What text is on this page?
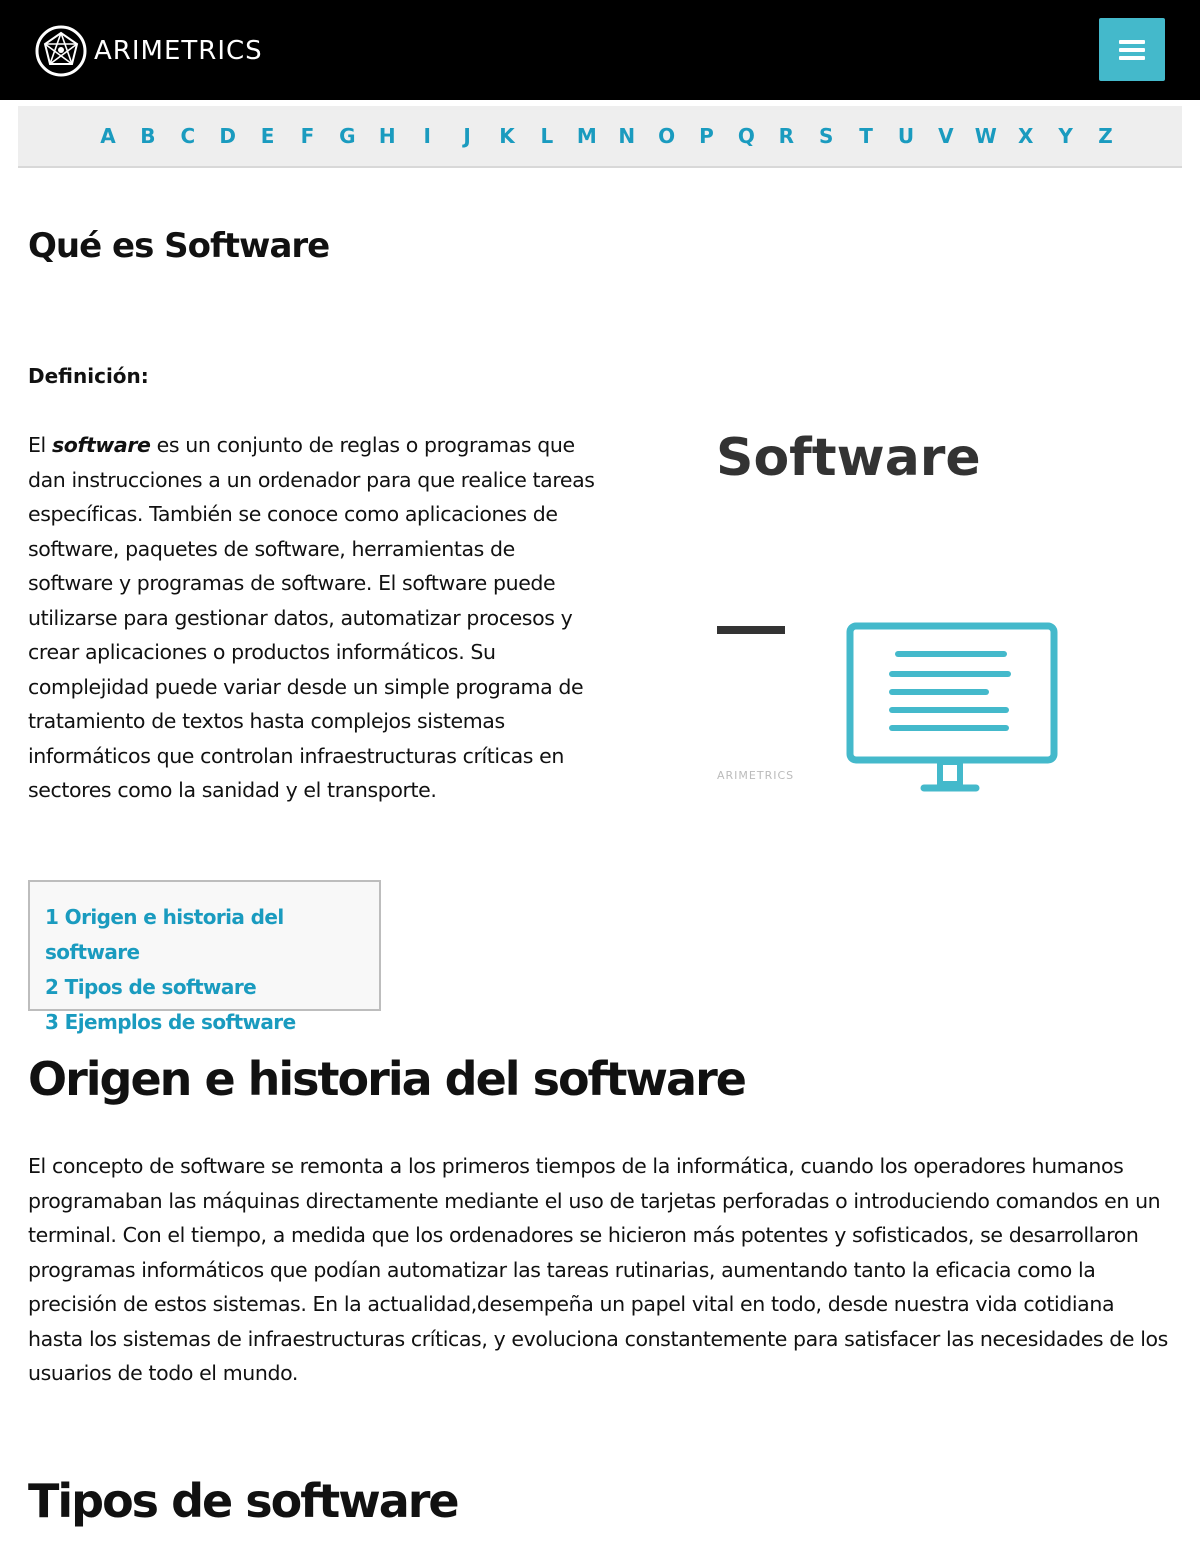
ARIMETRICS
A	B	C	D	E	F	G	H	I	J	K	L	M	N	O	P	Q	R	S	T	U	V	W	X	Y	Z
Qué es Software

Definición:

El software es un conjunto de reglas o programas que dan instrucciones a un ordenador para que realice tareas específicas. También se conoce como aplicaciones de software, paquetes de software, herramientas de software y programas de software. El software puede utilizarse para gestionar datos, automatizar procesos y crear aplicaciones o productos informáticos. Su complejidad puede variar desde un simple programa de tratamiento de textos hasta complejos sistemas informáticos que controlan infraestructuras críticas en sectores como la sanidad y el transporte.

Software
ARIMETRICS
1 Origen e historia del software
2 Tipos de software
3 Ejemplos de software
Origen e historia del software

El concepto de software se remonta a los primeros tiempos de la informática, cuando los operadores humanos programaban las máquinas directamente mediante el uso de tarjetas perforadas o introduciendo comandos en un terminal. Con el tiempo, a medida que los ordenadores se hicieron más potentes y sofisticados, se desarrollaron programas informáticos que podían automatizar las tareas rutinarias, aumentando tanto la eficacia como la precisión de estos sistemas. En la actualidad,desempeña un papel vital en todo, desde nuestra vida cotidiana hasta los sistemas de infraestructuras críticas, y evoluciona constantemente para satisfacer las necesidades de los usuarios de todo el mundo.

Tipos de software
